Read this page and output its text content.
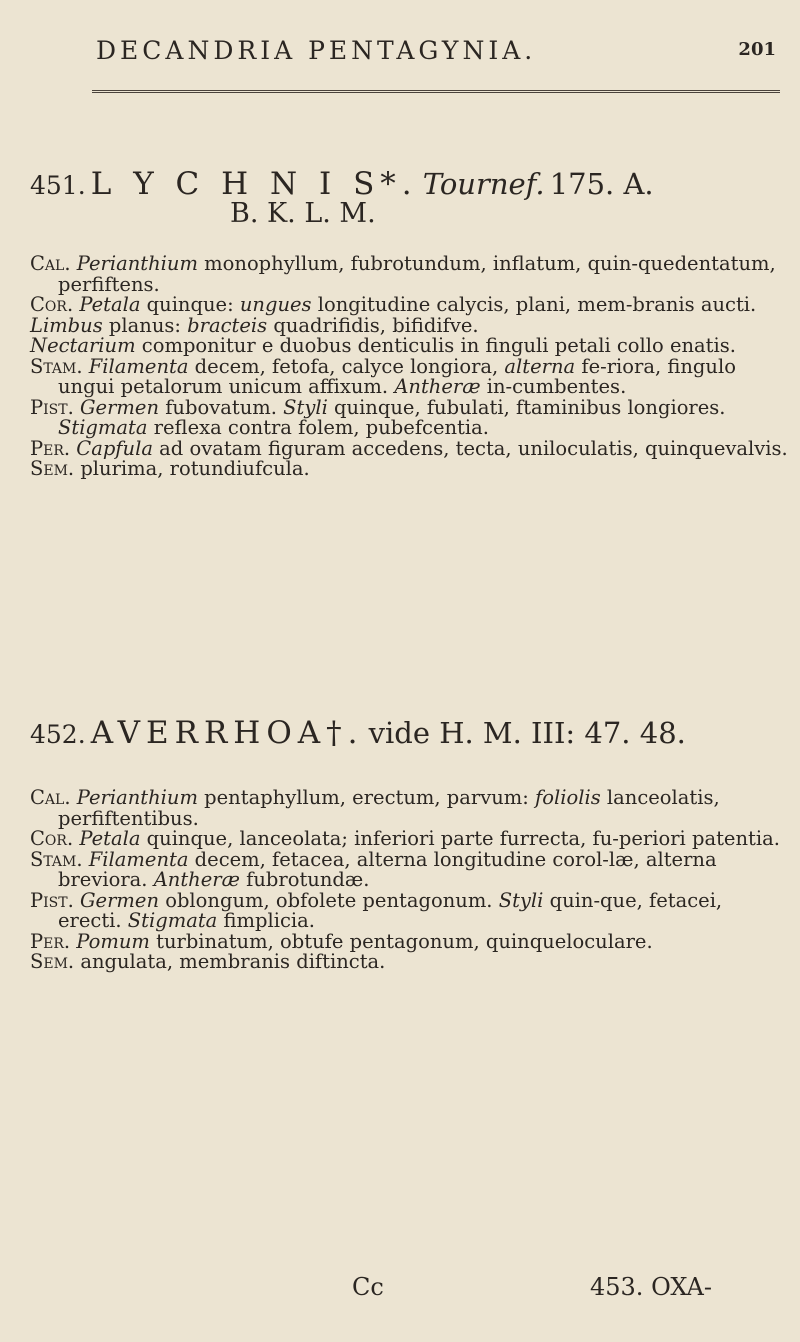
DECANDRIA PENTAGYNIA.	201
451. L Y C H N I S*. Tournef. 175. A.
B. K. L. M.

Cal. Perianthium monophyllum, fubrotundum, inflatum, quin-quedentatum, perfiftens.

Cor. Petala quinque: ungues longitudine calycis, plani, mem-branis aucti.

Limbus planus: bracteis quadrifidis, bifidifve.

Nectarium componitur e duobus denticulis in finguli petali collo enatis.

Stam. Filamenta decem, fetofa, calyce longiora, alterna fe-riora, fingulo ungui petalorum unicum affixum. Antheræ in-cumbentes.

Pist. Germen fubovatum. Styli quinque, fubulati, ftaminibus longiores. Stigmata reflexa contra folem, pubefcentia.

Per. Capfula ad ovatam figuram accedens, tecta, uniloculatis, quinquevalvis.

Sem. plurima, rotundiufcula.

452. AVERRHOA†. vide H. M. III: 47. 48.

Cal. Perianthium pentaphyllum, erectum, parvum: foliolis lanceolatis, perfiftentibus.

Cor. Petala quinque, lanceolata; inferiori parte furrecta, fu-periori patentia.

Stam. Filamenta decem, fetacea, alterna longitudine corol-læ, alterna breviora. Antheræ fubrotundæ.

Pist. Germen oblongum, obfolete pentagonum. Styli quin-que, fetacei, erecti. Stigmata fimplicia.

Per. Pomum turbinatum, obtufe pentagonum, quinqueloculare.

Sem. angulata, membranis diftincta.

Cc	453. OXA-
